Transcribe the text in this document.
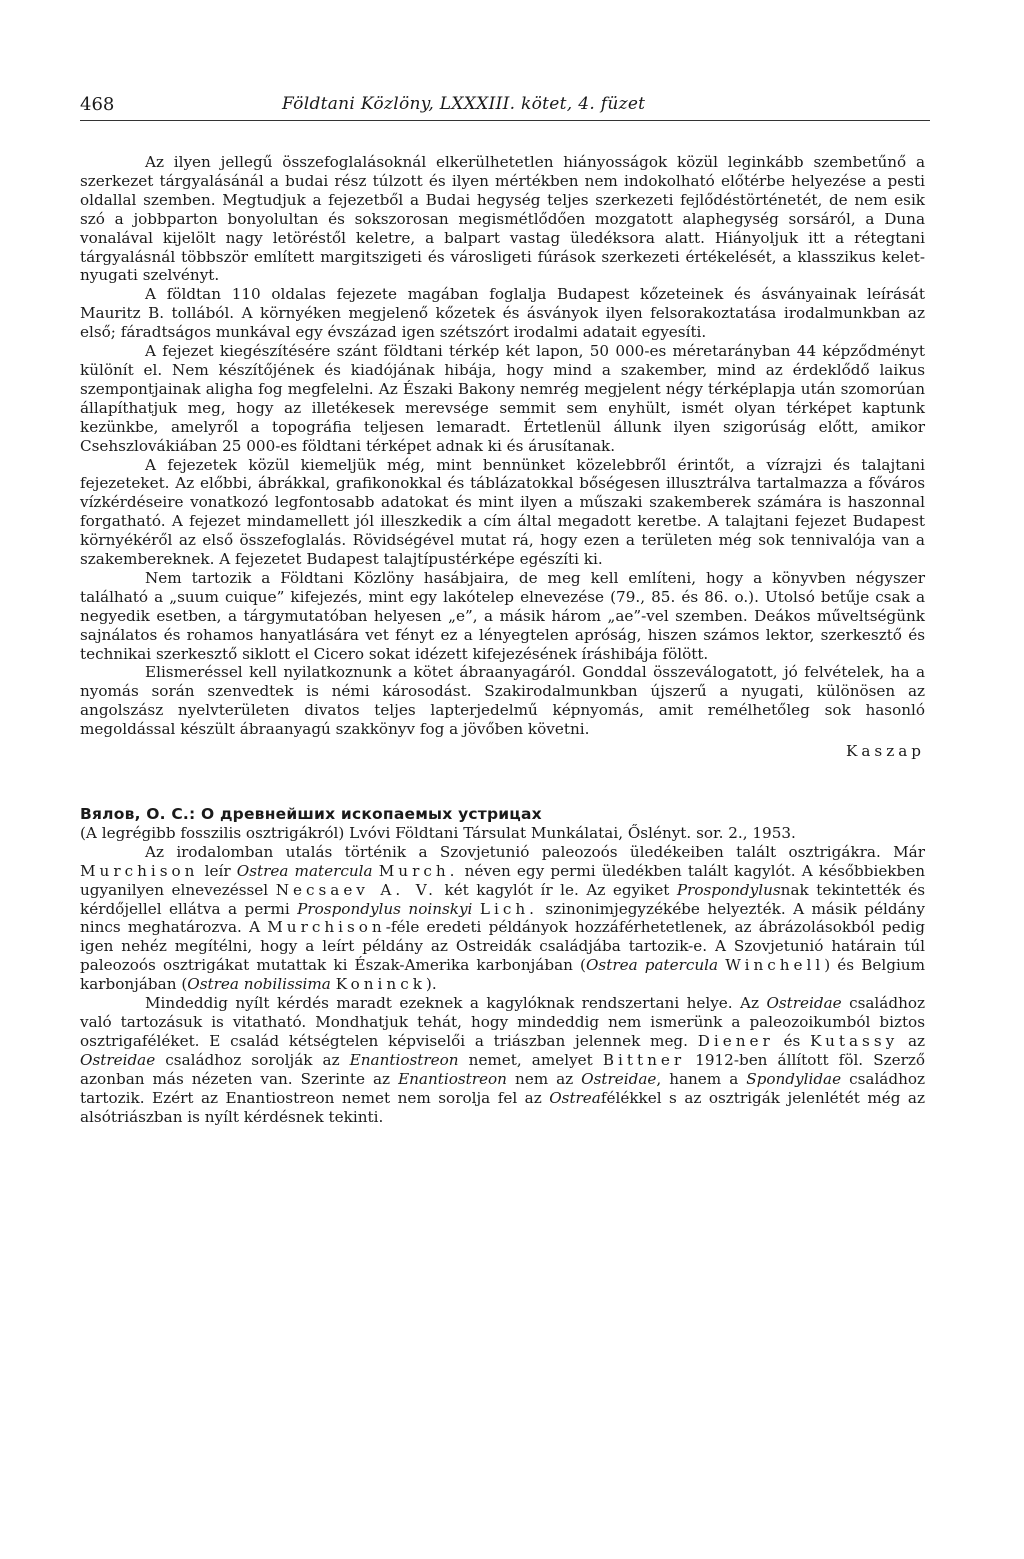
468	Földtani Közlöny, LXXXIII. kötet, 4. füzet

Az ilyen jellegű összefoglalásoknál elkerülhetetlen hiányosságok közül leginkább szembetűnő a szerkezet tárgyalásánál a budai rész túlzott és ilyen mértékben nem indokolható előtérbe helyezése a pesti oldallal szemben. Megtudjuk a fejezetből a Budai hegység teljes szerkezeti fejlődéstörténetét, de nem esik szó a jobbparton bonyolultan és sokszorosan megismétlődően mozgatott alaphegység sorsáról, a Duna vonalával kijelölt nagy letöréstől keletre, a balpart vastag üledéksora alatt. Hiányoljuk itt a rétegtani tárgyalásnál többször említett margitszigeti és városligeti fúrások szerkezeti értékelését, a klasszikus kelet-nyugati szelvényt.

A földtan 110 oldalas fejezete magában foglalja Budapest kőzeteinek és ásványainak leírását Mauritz B. tollából. A környéken megjelenő kőzetek és ásványok ilyen felsorakoztatása irodalmunkban az első; fáradtságos munkával egy évszázad igen szétszórt irodalmi adatait egyesíti.

A fejezet kiegészítésére szánt földtani térkép két lapon, 50 000-es méretarányban 44 képződményt különít el. Nem készítőjének és kiadójának hibája, hogy mind a szakember, mind az érdeklődő laikus szempontjainak aligha fog megfelelni. Az Északi Bakony nemrég megjelent négy térképlapja után szomorúan állapíthatjuk meg, hogy az illetékesek merevsége semmit sem enyhült, ismét olyan térképet kaptunk kezünkbe, amelyről a topográfia teljesen lemaradt. Értetlenül állunk ilyen szigorúság előtt, amikor Csehszlovákiában 25 000-es földtani térképet adnak ki és árusítanak.

A fejezetek közül kiemeljük még, mint bennünket közelebbről érintőt, a vízrajzi és talajtani fejezeteket. Az előbbi, ábrákkal, grafikonokkal és táblázatokkal bőségesen illusztrálva tartalmazza a főváros vízkérdéseire vonatkozó legfontosabb adatokat és mint ilyen a műszaki szakemberek számára is haszonnal forgatható. A fejezet mindamellett jól illeszkedik a cím által megadott keretbe. A talajtani fejezet Budapest környékéről az első összefoglalás. Rövidségével mutat rá, hogy ezen a területen még sok tennivalója van a szakembereknek. A fejezetet Budapest talajtípustérképe egészíti ki.

Nem tartozik a Földtani Közlöny hasábjaira, de meg kell említeni, hogy a könyvben négyszer található a „suum cuique” kifejezés, mint egy lakótelep elnevezése (79., 85. és 86. o.). Utolsó betűje csak a negyedik esetben, a tárgymutatóban helyesen „e”, a másik három „ae”-vel szemben. Deákos műveltségünk sajnálatos és rohamos hanyatlására vet fényt ez a lényegtelen apróság, hiszen számos lektor, szerkesztő és technikai szerkesztő siklott el Cicero sokat idézett kifejezésének íráshibája fölött.

Elismeréssel kell nyilatkoznunk a kötet ábraanyagáról. Gonddal összeválogatott, jó felvételek, ha a nyomás során szenvedtek is némi károsodást. Szakirodalmunkban újszerű a nyugati, különösen az angolszász nyelvterületen divatos teljes lapterjedelmű képnyomás, amit remélhetőleg sok hasonló megoldással készült ábraanyagú szakkönyv fog a jövőben követni.

Kaszap
Вялов, О. С.: О древнейших ископаемых устрицах

(A legrégibb fosszilis osztrigákról) Lvóvi Földtani Társulat Munkálatai, Őslényt. sor. 2., 1953.

Az irodalomban utalás történik a Szovjetunió paleozoós üledékeiben talált osztrigákra. Már Murchison leír Ostrea matercula Murch. néven egy permi üledékben talált kagylót. A későbbiekben ugyanilyen elnevezéssel Necsaev A. V. két kagylót ír le. Az egyiket Prospondylusnak tekintették és kérdőjellel ellátva a permi Prospondylus noinskyi Lich. szinonimjegyzékébe helyezték. A másik példány nincs meghatározva. A Murchison-féle eredeti példányok hozzáférhetetlenek, az ábrázolásokból pedig igen nehéz megítélni, hogy a leírt példány az Ostreidák családjába tartozik-e. A Szovjetunió határain túl paleozoós osztrigákat mutattak ki Észak-Amerika karbonjában (Ostrea patercula Winchell) és Belgium karbonjában (Ostrea nobilissima Koninck).

Mindeddig nyílt kérdés maradt ezeknek a kagylóknak rendszertani helye. Az Ostreidae családhoz való tartozásuk is vitatható. Mondhatjuk tehát, hogy mindeddig nem ismerünk a paleozoikumból biztos osztrigaféléket. E család kétségtelen képviselői a triászban jelennek meg. Diener és Kutassy az Ostreidae családhoz sorolják az Enantiostreon nemet, amelyet Bittner 1912-ben állított föl. Szerző azonban más nézeten van. Szerinte az Enantiostreon nem az Ostreidae, hanem a Spondylidae családhoz tartozik. Ezért az Enantiostreon nemet nem sorolja fel az Ostreafélékkel s az osztrigák jelenlétét még az alsótriászban is nyílt kérdésnek tekinti.
